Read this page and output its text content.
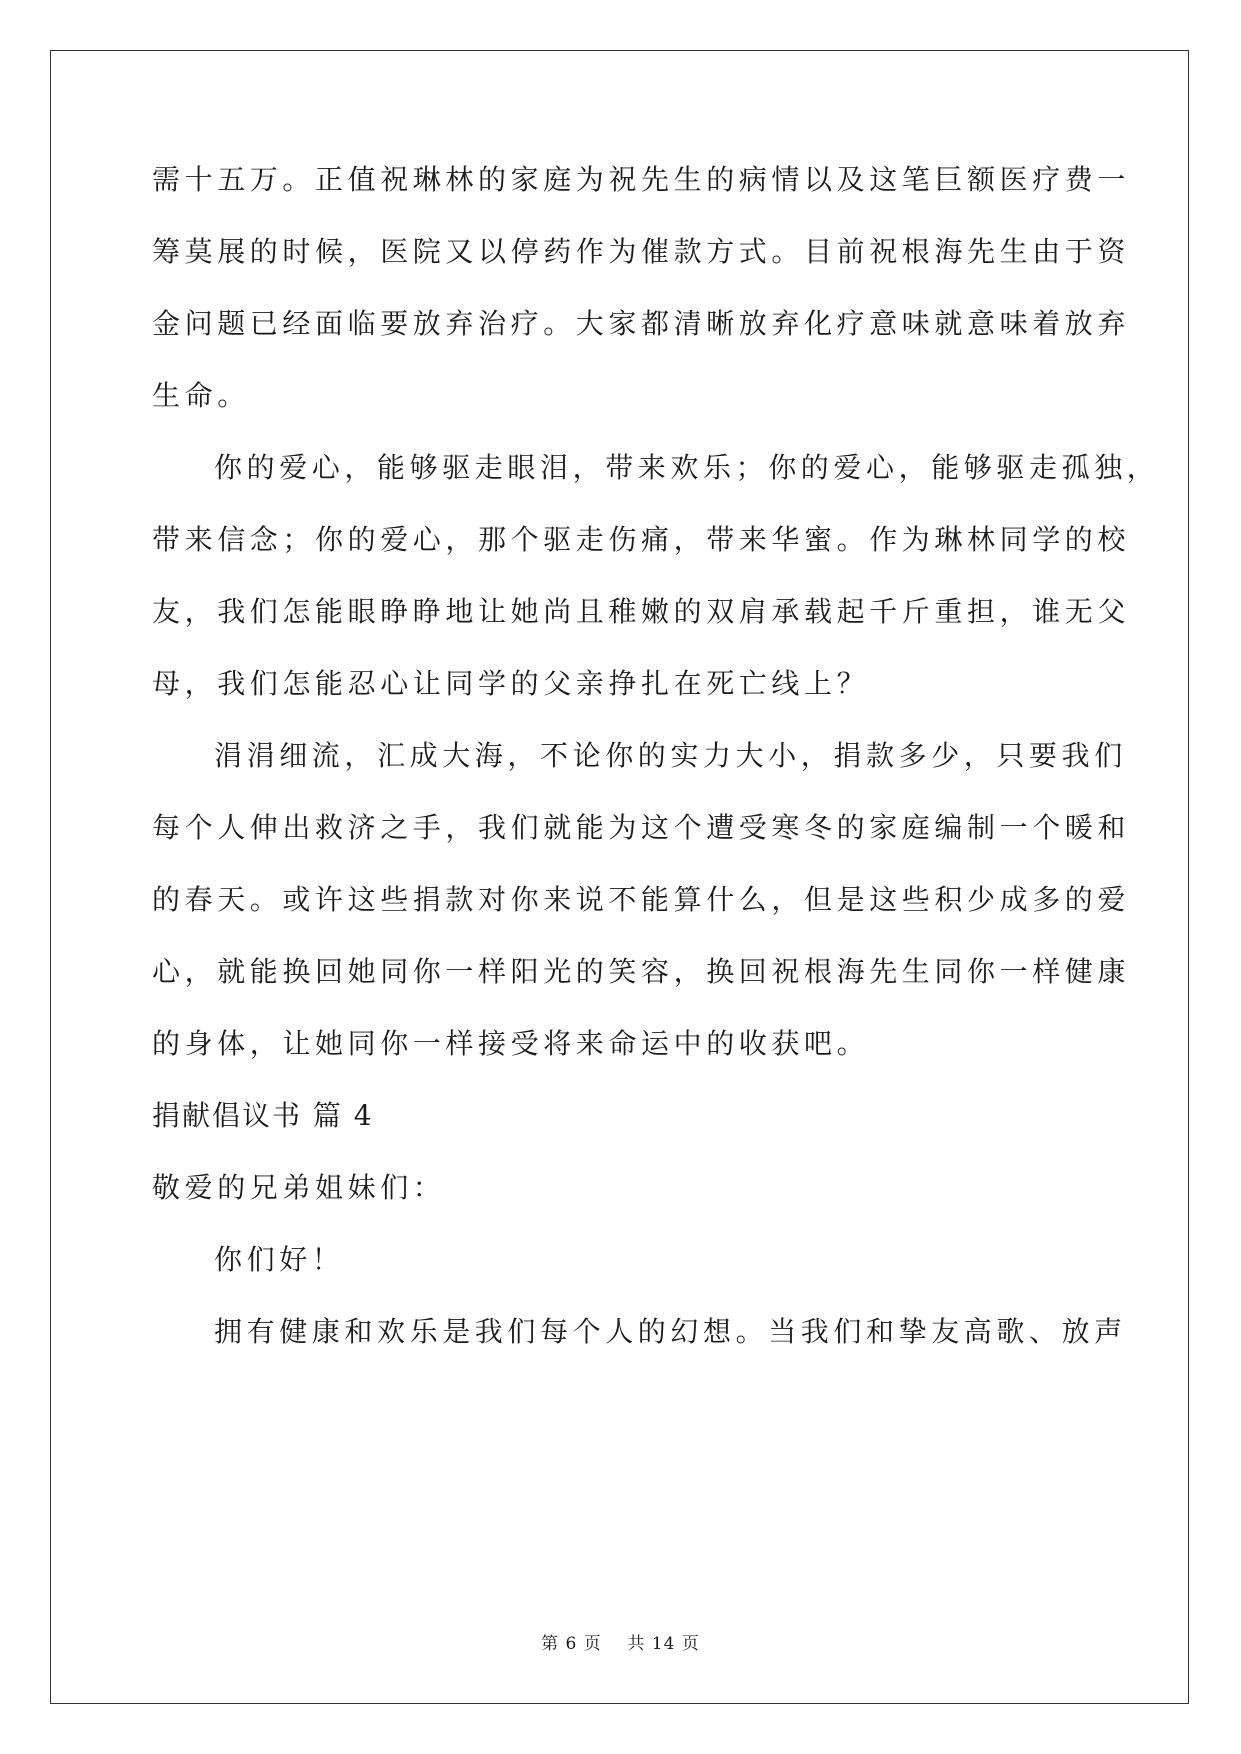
需十五万。正值祝琳林的家庭为祝先生的病情以及这笔巨额医疗费一
筹莫展的时候，医院又以停药作为催款方式。目前祝根海先生由于资
金问题已经面临要放弃治疗。大家都清晰放弃化疗意味就意味着放弃
生命。
你的爱心，能够驱走眼泪，带来欢乐；你的爱心，能够驱走孤独，
带来信念；你的爱心，那个驱走伤痛，带来华蜜。作为琳林同学的校
友，我们怎能眼睁睁地让她尚且稚嫩的双肩承载起千斤重担，谁无父
母，我们怎能忍心让同学的父亲挣扎在死亡线上？
涓涓细流，汇成大海，不论你的实力大小，捐款多少，只要我们
每个人伸出救济之手，我们就能为这个遭受寒冬的家庭编制一个暖和
的春天。或许这些捐款对你来说不能算什么，但是这些积少成多的爱
心，就能换回她同你一样阳光的笑容，换回祝根海先生同你一样健康
的身体，让她同你一样接受将来命运中的收获吧。
捐献倡议书 篇 4
敬爱的兄弟姐妹们：
你们好！
拥有健康和欢乐是我们每个人的幻想。当我们和挚友高歌、放声
第 6 页    共 14 页
